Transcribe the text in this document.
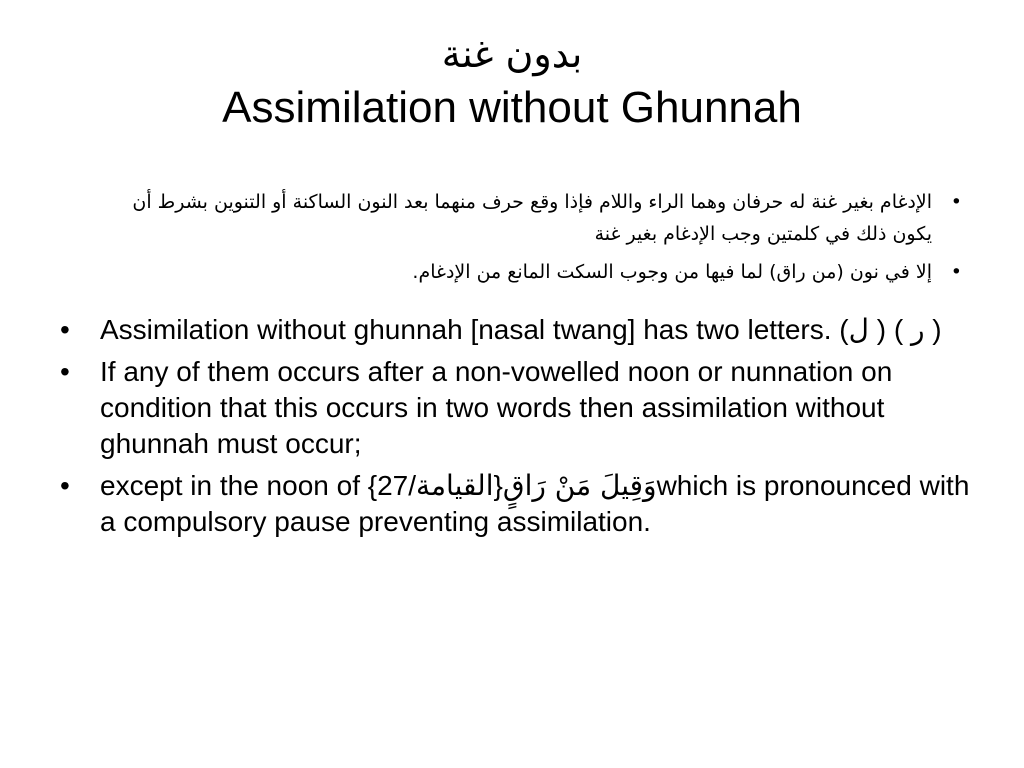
بدون غنة
Assimilation without Ghunnah
•
الإدغام بغير غنة له حرفان وهما الراء واللام فإذا وقع حرف منهما بعد النون الساكنة أو التنوين بشرط أن يكون ذلك في كلمتين وجب الإدغام بغير غنة
•
إلا في نون (من راق) لما فيها من وجوب السكت المانع من الإدغام.
• Assimilation without ghunnah [nasal twang] has two letters. (ل ) ( ر )
• If any of them occurs after a non-vowelled noon or nunnation on condition that this occurs in two words then assimilation without ghunnah must occur;
• except in the noon of {27/القيامة}وَقِيلَ مَنْ رَاقٍwhich is pronounced with a compulsory pause preventing assimilation.
